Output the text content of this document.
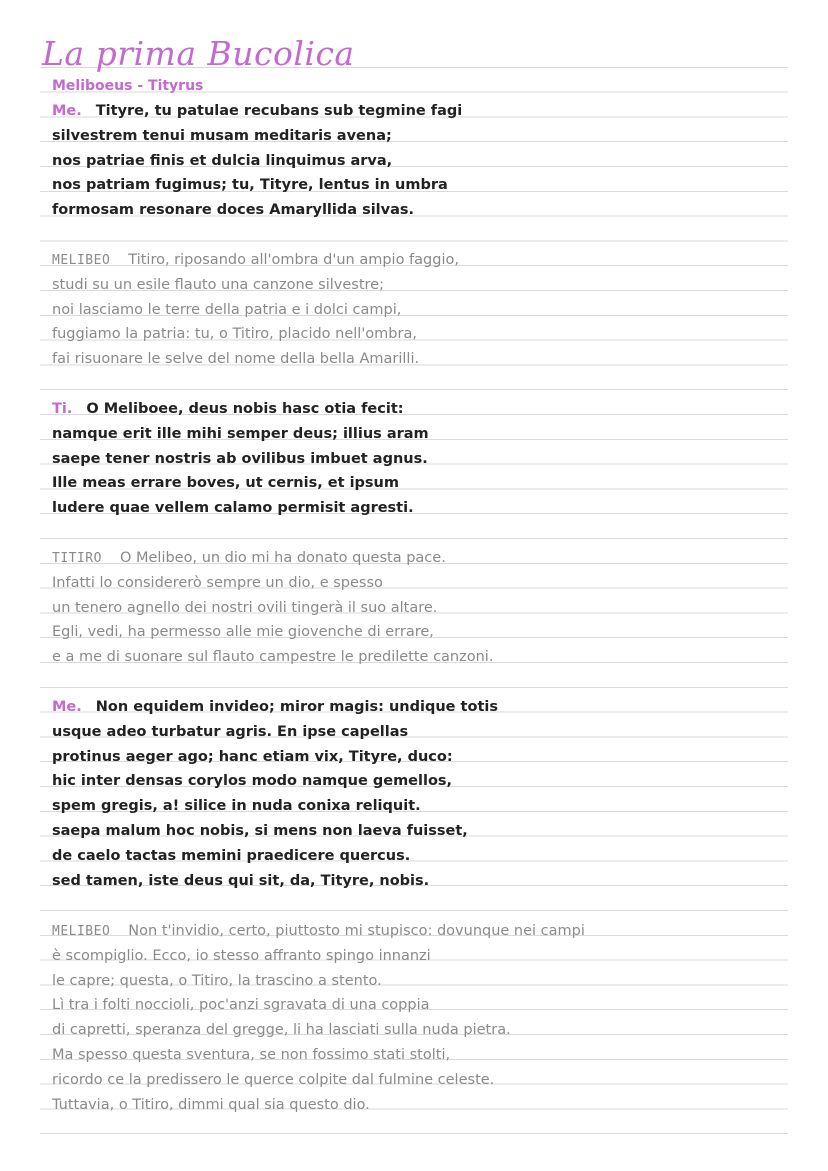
La prima Bucolica
Meliboeus - Tityrus
Me. Tityre, tu patulae recubans sub tegmine fagi
silvestrem tenui musam meditaris avena;
nos patriae finis et dulcia linquimus arva,
nos patriam fugimus; tu, Tityre, lentus in umbra
formosam resonare doces Amaryllida silvas.
MELIBEO Titiro, riposando all'ombra d'un ampio faggio,
studi su un esile flauto una canzone silvestre;
noi lasciamo le terre della patria e i dolci campi,
fuggiamo la patria: tu, o Titiro, placido nell'ombra,
fai risuonare le selve del nome della bella Amarilli.
Ti. O Meliboee, deus nobis hasc otia fecit:
namque erit ille mihi semper deus; illius aram
saepe tener nostris ab ovilibus imbuet agnus.
Ille meas errare boves, ut cernis, et ipsum
ludere quae vellem calamo permisit agresti.
TITIRO O Melibeo, un dio mi ha donato questa pace.
Infatti lo considererò sempre un dio, e spesso
un tenero agnello dei nostri ovili tingerà il suo altare.
Egli, vedi, ha permesso alle mie giovenche di errare,
e a me di suonare sul flauto campestre le predilette canzoni.
Me. Non equidem invideo; miror magis: undique totis
usque adeo turbatur agris. En ipse capellas
protinus aeger ago; hanc etiam vix, Tityre, duco:
hic inter densas corylos modo namque gemellos,
spem gregis, a! silice in nuda conixa reliquit.
saepa malum hoc nobis, si mens non laeva fuisset,
de caelo tactas memini praedicere quercus.
sed tamen, iste deus qui sit, da, Tityre, nobis.
MELIBEO Non t'invidio, certo, piuttosto mi stupisco: dovunque nei campi
è scompiglio. Ecco, io stesso affranto spingo innanzi
le capre; questa, o Titiro, la trascino a stento.
Lì tra i folti noccioli, poc'anzi sgravata di una coppia
di capretti, speranza del gregge, li ha lasciati sulla nuda pietra.
Ma spesso questa sventura, se non fossimo stati stolti,
ricordo ce la predissero le querce colpite dal fulmine celeste.
Tuttavia, o Titiro, dimmi qual sia questo dio.
